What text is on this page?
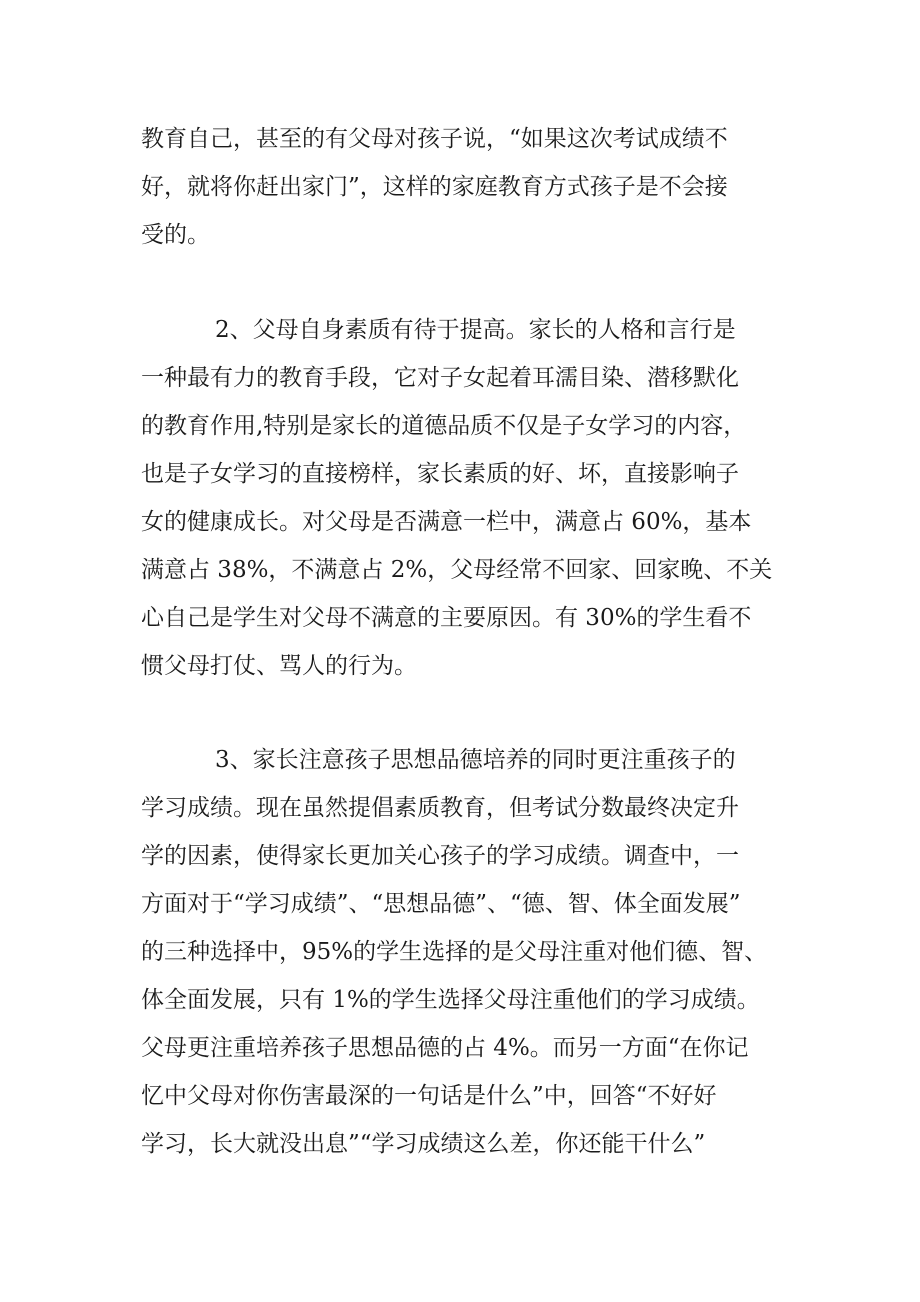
教育自己，甚至的有父母对孩子说，“如果这次考试成绩不
好，就将你赶出家门”，这样的家庭教育方式孩子是不会接
受的。
2、父母自身素质有待于提高。家长的人格和言行是
一种最有力的教育手段，它对子女起着耳濡目染、潜移默化
的教育作用,特别是家长的道德品质不仅是子女学习的内容，
也是子女学习的直接榜样，家长素质的好、坏，直接影响子
女的健康成长。对父母是否满意一栏中，满意占 60%，基本
满意占 38%，不满意占 2%，父母经常不回家、回家晚、不关
心自己是学生对父母不满意的主要原因。有 30%的学生看不
惯父母打仗、骂人的行为。
3、家长注意孩子思想品德培养的同时更注重孩子的
学习成绩。现在虽然提倡素质教育，但考试分数最终决定升
学的因素，使得家长更加关心孩子的学习成绩。调查中，一
方面对于“学习成绩”、“思想品德”、“德、智、体全面发展”
的三种选择中，95%的学生选择的是父母注重对他们德、智、
体全面发展，只有 1%的学生选择父母注重他们的学习成绩。
父母更注重培养孩子思想品德的占 4%。而另一方面“在你记
忆中父母对你伤害最深的一句话是什么”中，回答“不好好
学习，长大就没出息”“学习成绩这么差，你还能干什么”
